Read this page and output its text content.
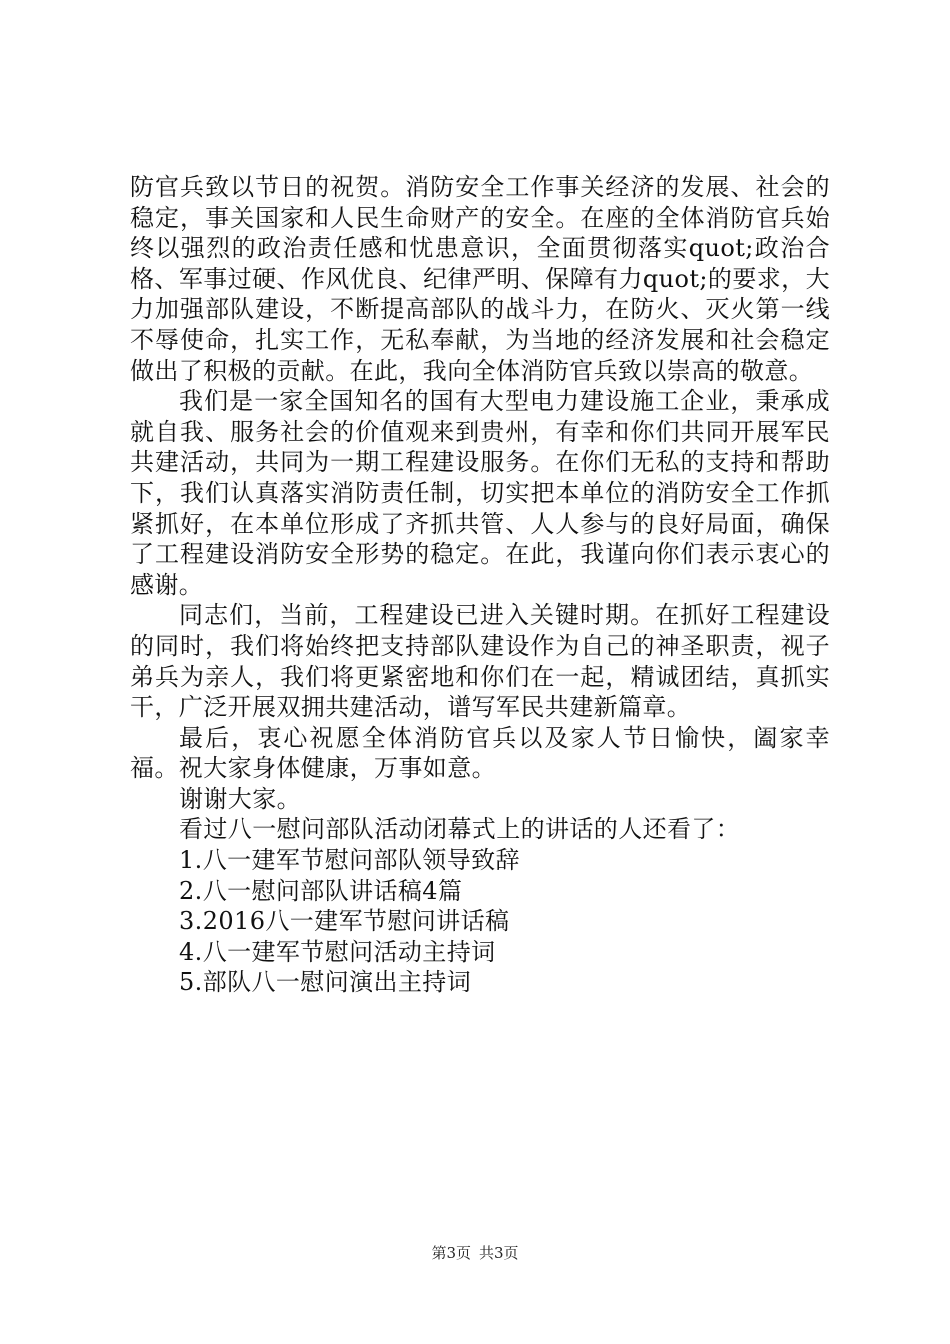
防官兵致以节日的祝贺。消防安全工作事关经济的发展、社会的稳定，事关国家和人民生命财产的安全。在座的全体消防官兵始终以强烈的政治责任感和忧患意识，全面贯彻落实quot;政治合格、军事过硬、作风优良、纪律严明、保障有力quot;的要求，大力加强部队建设，不断提高部队的战斗力，在防火、灭火第一线不辱使命，扎实工作，无私奉献，为当地的经济发展和社会稳定做出了积极的贡献。在此，我向全体消防官兵致以崇高的敬意。

我们是一家全国知名的国有大型电力建设施工企业，秉承成就自我、服务社会的价值观来到贵州，有幸和你们共同开展军民共建活动，共同为一期工程建设服务。在你们无私的支持和帮助下，我们认真落实消防责任制，切实把本单位的消防安全工作抓紧抓好，在本单位形成了齐抓共管、人人参与的良好局面，确保了工程建设消防安全形势的稳定。在此，我谨向你们表示衷心的感谢。

同志们，当前，工程建设已进入关键时期。在抓好工程建设的同时，我们将始终把支持部队建设作为自己的神圣职责，视子弟兵为亲人，我们将更紧密地和你们在一起，精诚团结，真抓实干，广泛开展双拥共建活动，谱写军民共建新篇章。

最后，衷心祝愿全体消防官兵以及家人节日愉快，阖家幸福。祝大家身体健康，万事如意。

谢谢大家。

看过八一慰问部队活动闭幕式上的讲话的人还看了：

1.八一建军节慰问部队领导致辞
2.八一慰问部队讲话稿4篇
3.2016八一建军节慰问讲话稿
4.八一建军节慰问活动主持词
5.部队八一慰问演出主持词
第3页 共3页
